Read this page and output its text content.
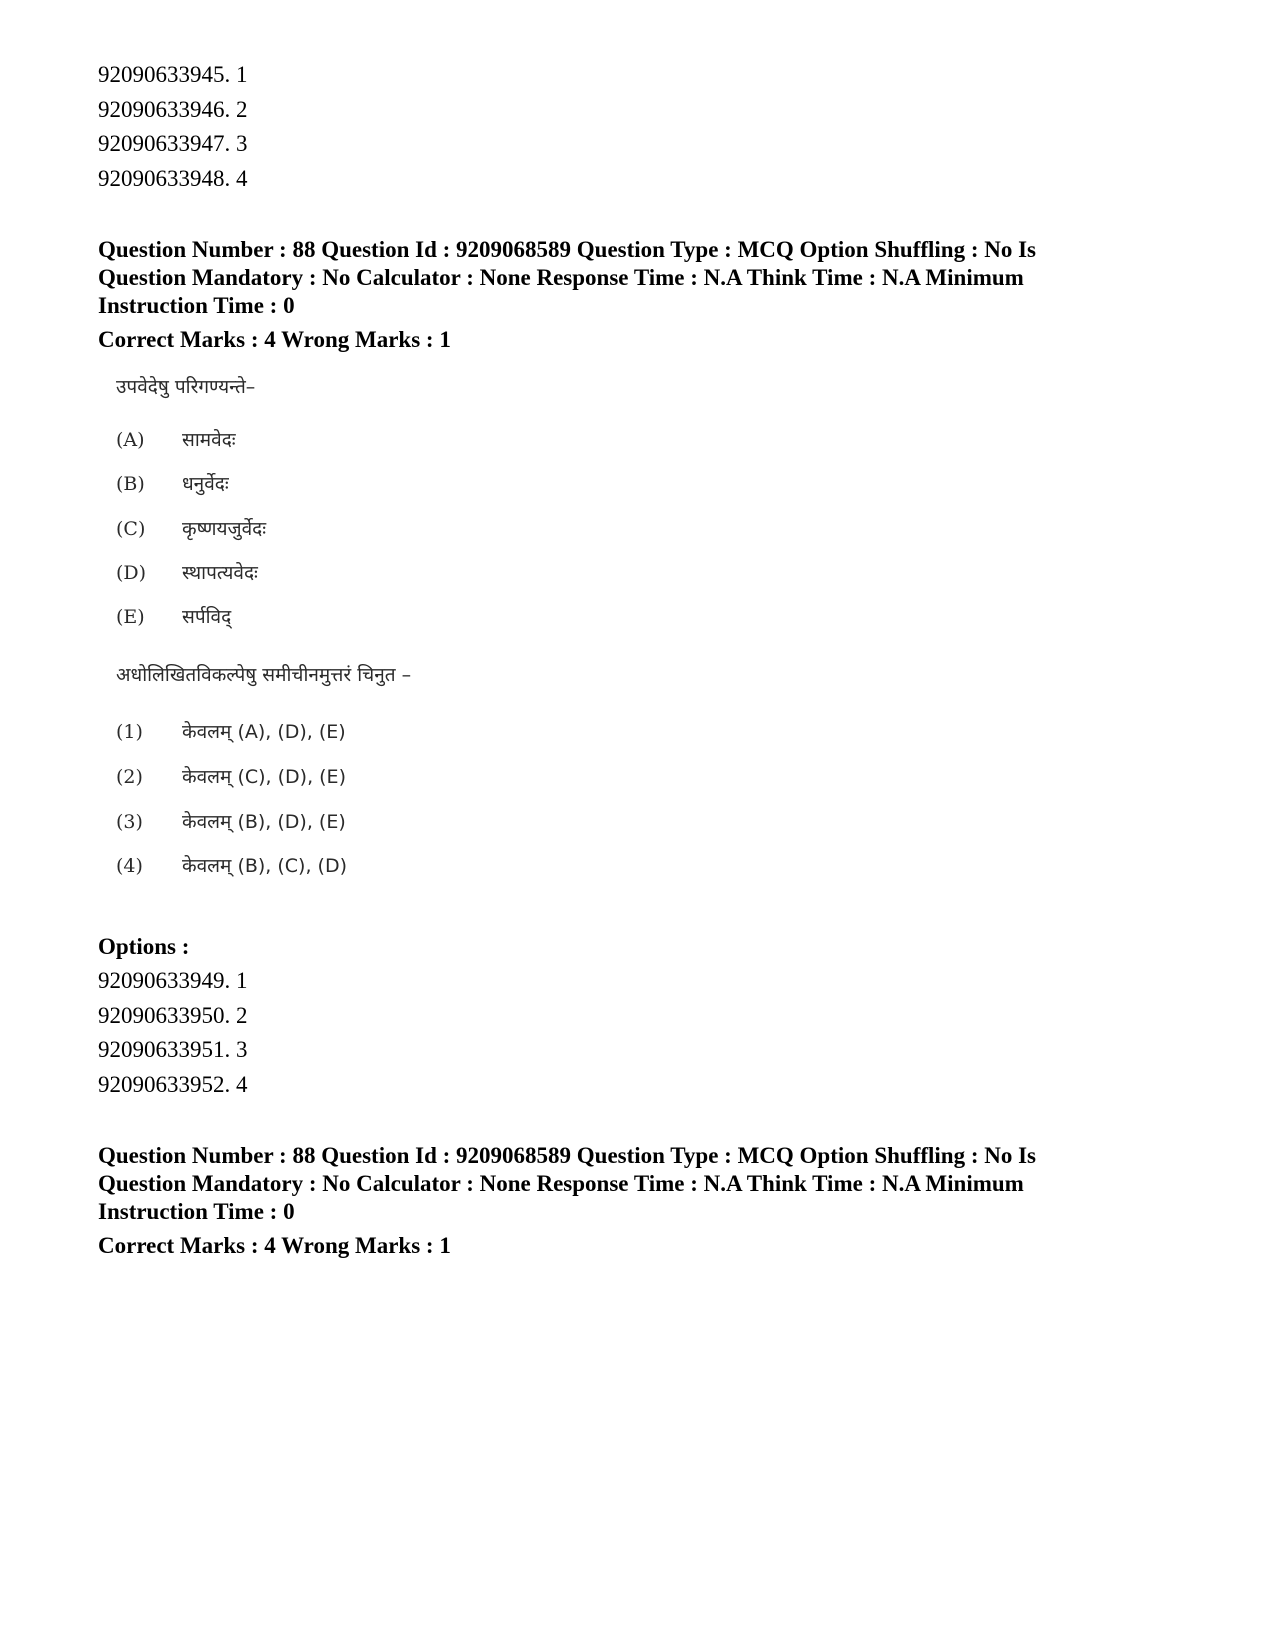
92090633945. 1

92090633946. 2

92090633947. 3

92090633948. 4

Question Number : 88 Question Id : 9209068589 Question Type : MCQ Option Shuffling : No Is

Question Mandatory : No Calculator : None Response Time : N.A Think Time : N.A Minimum

Instruction Time : 0

Correct Marks : 4 Wrong Marks : 1

उपवेदेषु परिगण्यन्ते–
(A) सामवेदः
(B) धनुर्वेदः
(C) कृष्णयजुर्वेदः
(D) स्थापत्यवेदः
(E) सर्पविद्
अधोलिखितविकल्पेषु समीचीनमुत्तरं चिनुत –
(1) केवलम् (A), (D), (E)
(2) केवलम् (C), (D), (E)
(3) केवलम् (B), (D), (E)
(4) केवलम् (B), (C), (D)

Options :

92090633949. 1

92090633950. 2

92090633951. 3

92090633952. 4

Question Number : 88 Question Id : 9209068589 Question Type : MCQ Option Shuffling : No Is

Question Mandatory : No Calculator : None Response Time : N.A Think Time : N.A Minimum

Instruction Time : 0

Correct Marks : 4 Wrong Marks : 1
